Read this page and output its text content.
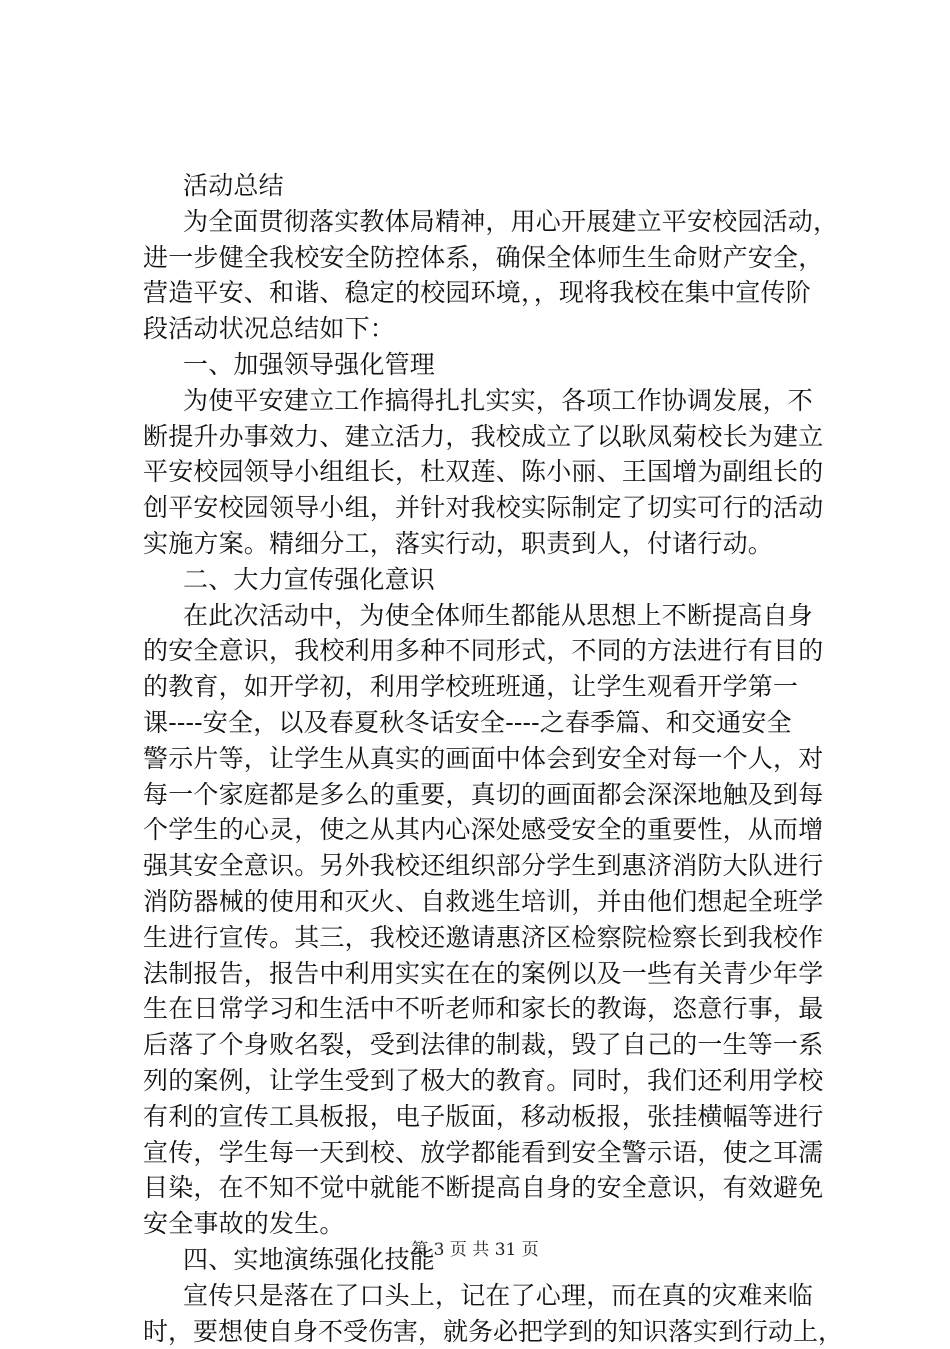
活动总结
为全面贯彻落实教体局精神，用心开展建立平安校园活动，
进一步健全我校安全防控体系，确保全体师生生命财产安全，
营造平安、和谐、稳定的校园环境，，现将我校在集中宣传阶
段活动状况总结如下：
一、加强领导强化管理
为使平安建立工作搞得扎扎实实，各项工作协调发展，不
断提升办事效力、建立活力，我校成立了以耿凤菊校长为建立
平安校园领导小组组长，杜双莲、陈小丽、王国增为副组长的
创平安校园领导小组，并针对我校实际制定了切实可行的活动
实施方案。精细分工，落实行动，职责到人，付诸行动。
二、大力宣传强化意识
在此次活动中，为使全体师生都能从思想上不断提高自身
的安全意识，我校利用多种不同形式，不同的方法进行有目的
的教育，如开学初，利用学校班班通，让学生观看开学第一
课----安全，以及春夏秋冬话安全----之春季篇、和交通安全
警示片等，让学生从真实的画面中体会到安全对每一个人，对
每一个家庭都是多么的重要，真切的画面都会深深地触及到每
个学生的心灵，使之从其内心深处感受安全的重要性，从而增
强其安全意识。另外我校还组织部分学生到惠济消防大队进行
消防器械的使用和灭火、自救逃生培训，并由他们想起全班学
生进行宣传。其三，我校还邀请惠济区检察院检察长到我校作
法制报告，报告中利用实实在在的案例以及一些有关青少年学
生在日常学习和生活中不听老师和家长的教诲，恣意行事，最
后落了个身败名裂，受到法律的制裁，毁了自己的一生等一系
列的案例，让学生受到了极大的教育。同时，我们还利用学校
有利的宣传工具板报，电子版面，移动板报，张挂横幅等进行
宣传，学生每一天到校、放学都能看到安全警示语，使之耳濡
目染，在不知不觉中就能不断提高自身的安全意识，有效避免
安全事故的发生。
四、实地演练强化技能
宣传只是落在了口头上，记在了心理，而在真的灾难来临
时，要想使自身不受伤害，就务必把学到的知识落实到行动上，
第 3 页 共 31 页
